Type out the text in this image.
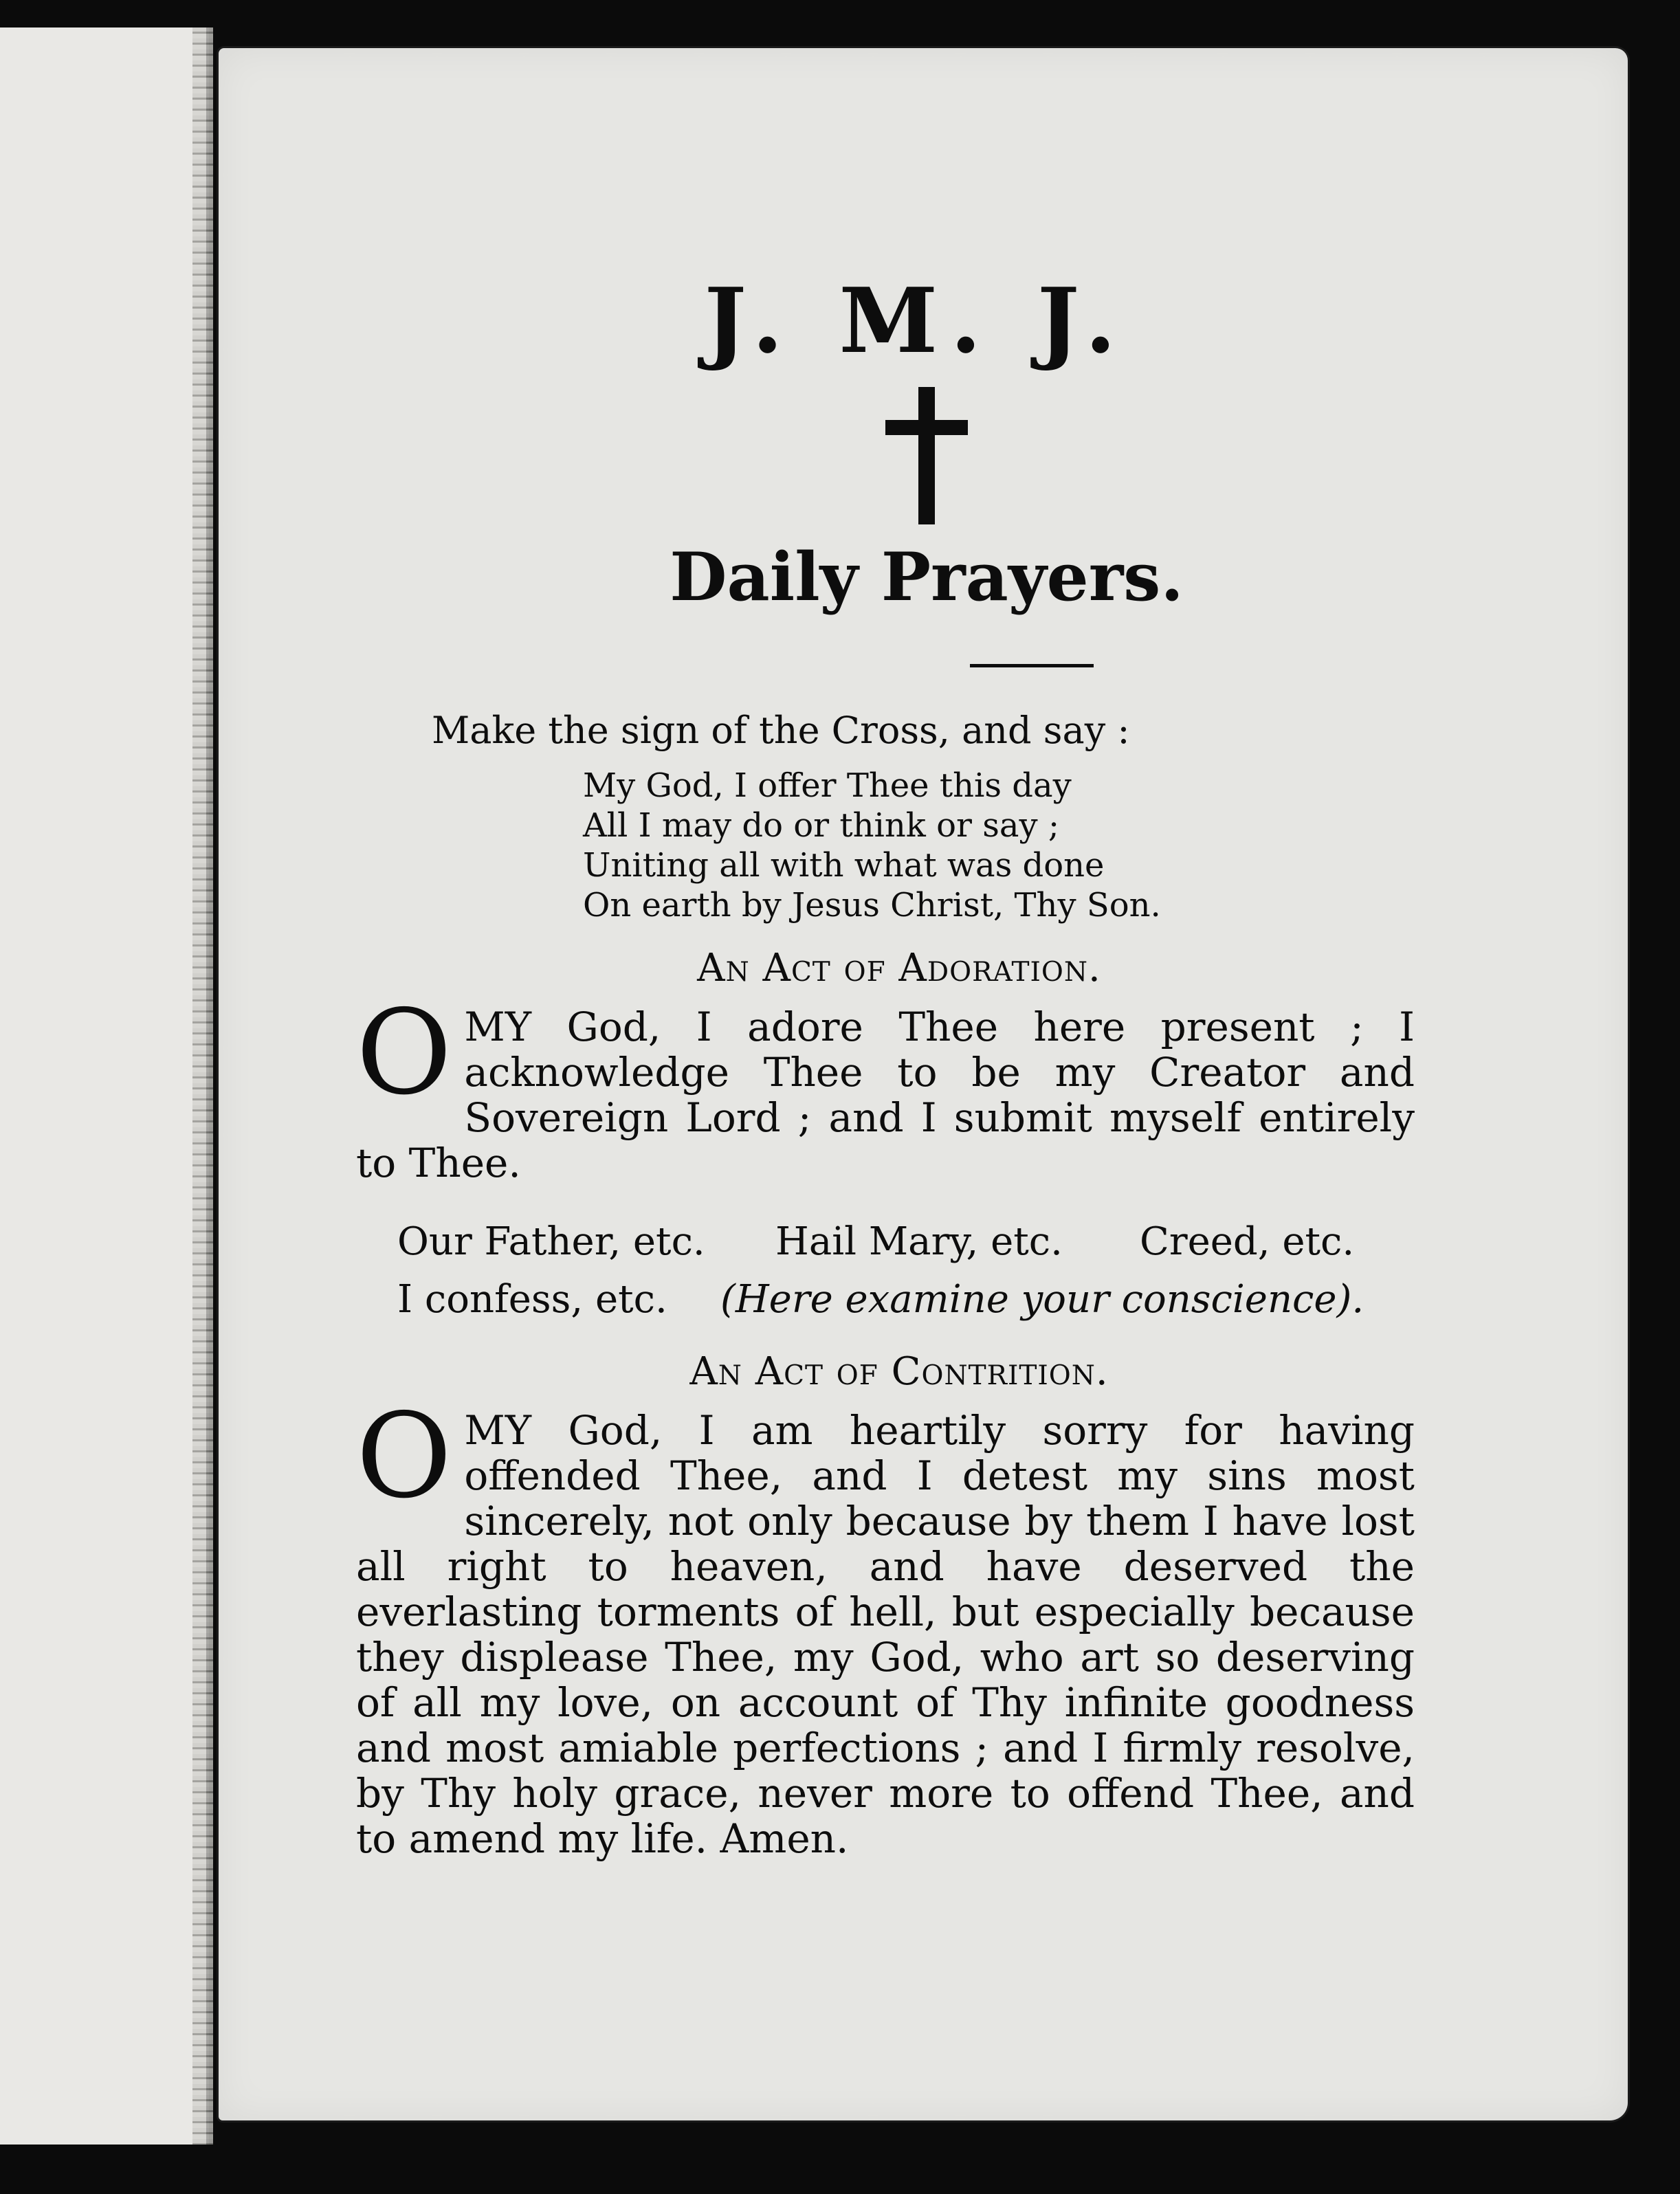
J. M. J.
Daily Prayers.
Make the sign of the Cross, and say :
My God, I offer Thee this day
All I may do or think or say ;
Uniting all with what was done
On earth by Jesus Christ, Thy Son.
An Act of Adoration.

OMY God, I adore Thee here present ; I acknowledge Thee to be my Creator and Sovereign Lord ; and I submit myself entirely to Thee.

Our Father, etc. Hail Mary, etc. Creed, etc.
I confess, etc. (Here examine your conscience).
An Act of Contrition.

OMY God, I am heartily sorry for having offended Thee, and I detest my sins most sincerely, not only because by them I have lost all right to heaven, and have deserved the everlasting torments of hell, but especially because they displease Thee, my God, who art so deserving of all my love, on account of Thy infinite goodness and most amiable perfections ; and I firmly resolve, by Thy holy grace, never more to offend Thee, and to amend my life. Amen.
